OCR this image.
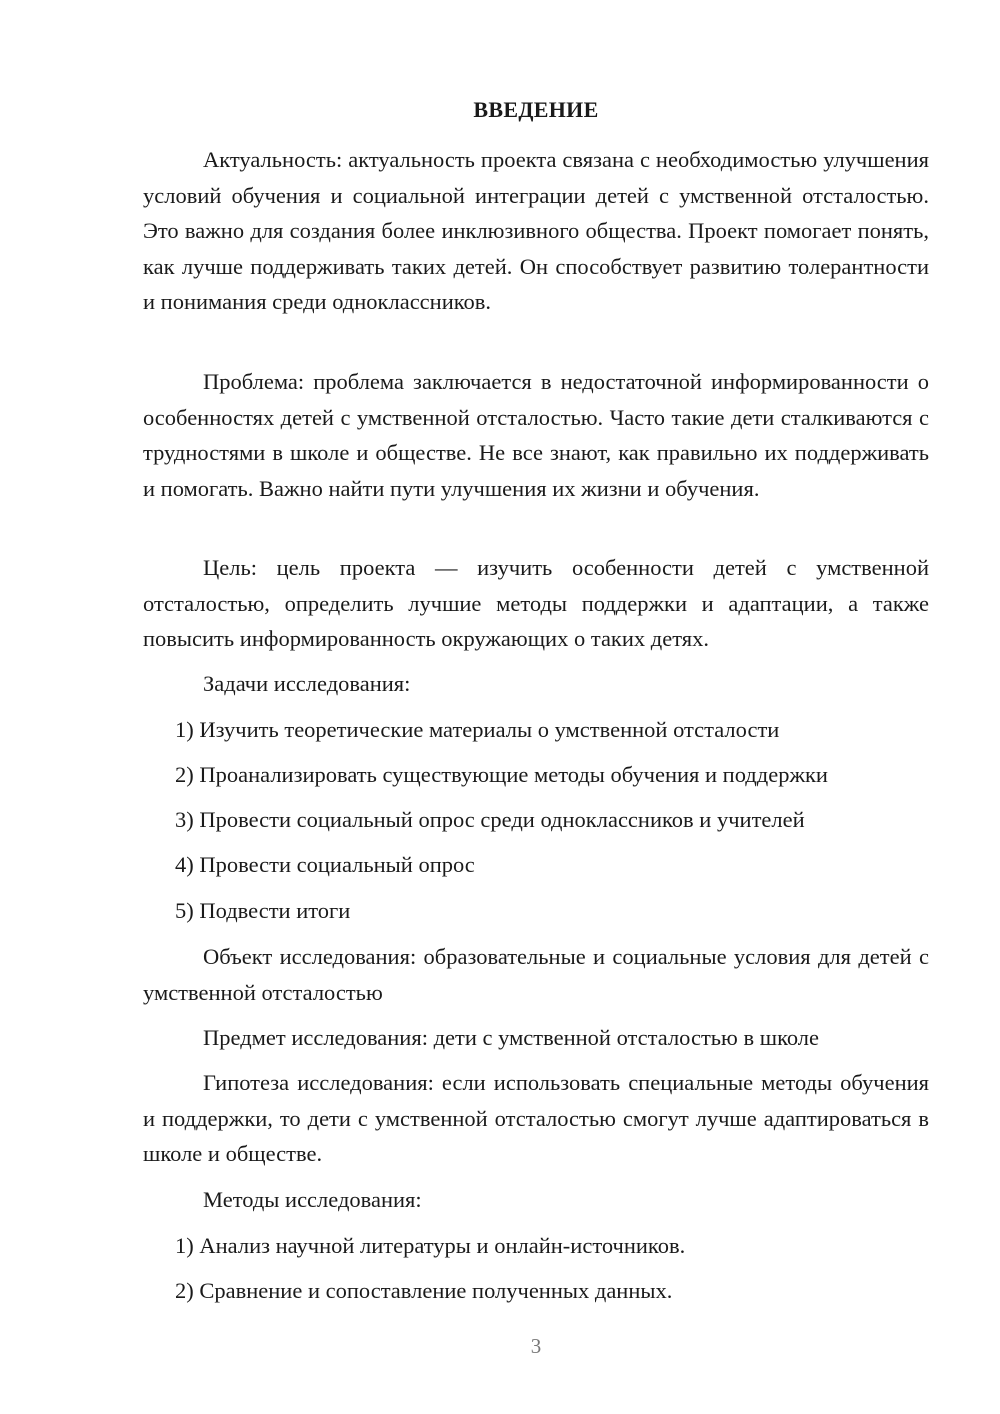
ВВЕДЕНИЕ

Актуальность: актуальность проекта связана с необходимостью улучшения условий обучения и социальной интеграции детей с умственной отсталостью. Это важно для создания более инклюзивного общества. Проект помогает понять, как лучше поддерживать таких детей. Он способствует развитию толерантности и понимания среди одноклассников.

Проблема: проблема заключается в недостаточной информированности о особенностях детей с умственной отсталостью. Часто такие дети сталкиваются с трудностями в школе и обществе. Не все знают, как правильно их поддерживать и помогать. Важно найти пути улучшения их жизни и обучения.

Цель: цель проекта — изучить особенности детей с умственной отсталостью, определить лучшие методы поддержки и адаптации, а также повысить информированность окружающих о таких детях.

Задачи исследования:

1) Изучить теоретические материалы о умственной отсталости

2) Проанализировать существующие методы обучения и поддержки

3) Провести социальный опрос среди одноклассников и учителей

4) Провести социальный опрос

5) Подвести итоги

Объект исследования: образовательные и социальные условия для детей с умственной отсталостью

Предмет исследования: дети с умственной отсталостью в школе

Гипотеза исследования: если использовать специальные методы обучения и поддержки, то дети с умственной отсталостью смогут лучше адаптироваться в школе и обществе.

Методы исследования:

1) Анализ научной литературы и онлайн-источников.

2) Сравнение и сопоставление полученных данных.

3
